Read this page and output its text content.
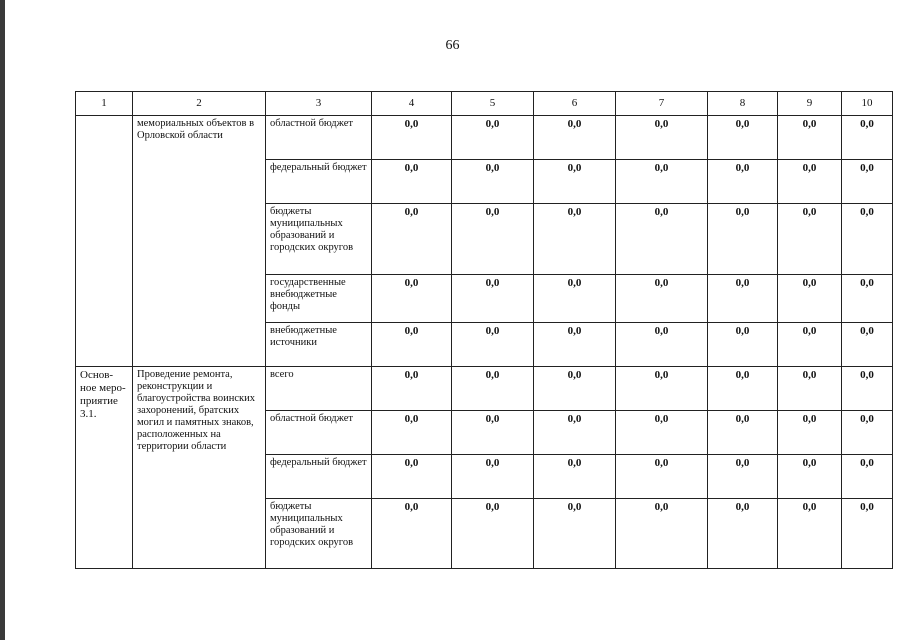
66
1	2	3	4	5	6	7	8	9	10
	мемориальных объектов в Орловской области	областной бюджет	0,0	0,0	0,0	0,0	0,0	0,0	0,0
		федеральный бюджет	0,0	0,0	0,0	0,0	0,0	0,0	0,0
		бюджеты муниципальных образований и городских округов	0,0	0,0	0,0	0,0	0,0	0,0	0,0
		государственные внебюджетные фонды	0,0	0,0	0,0	0,0	0,0	0,0	0,0
		внебюджетные источники	0,0	0,0	0,0	0,0	0,0	0,0	0,0
Основ-ное меро-приятие 3.1.	Проведение ремонта, реконструкции и благоустройства воинских захоронений, братских могил и памятных знаков, расположенных на территории области	всего	0,0	0,0	0,0	0,0	0,0	0,0	0,0
		областной бюджет	0,0	0,0	0,0	0,0	0,0	0,0	0,0
		федеральный бюджет	0,0	0,0	0,0	0,0	0,0	0,0	0,0
		бюджеты муниципальных образований и городских округов	0,0	0,0	0,0	0,0	0,0	0,0	0,0
